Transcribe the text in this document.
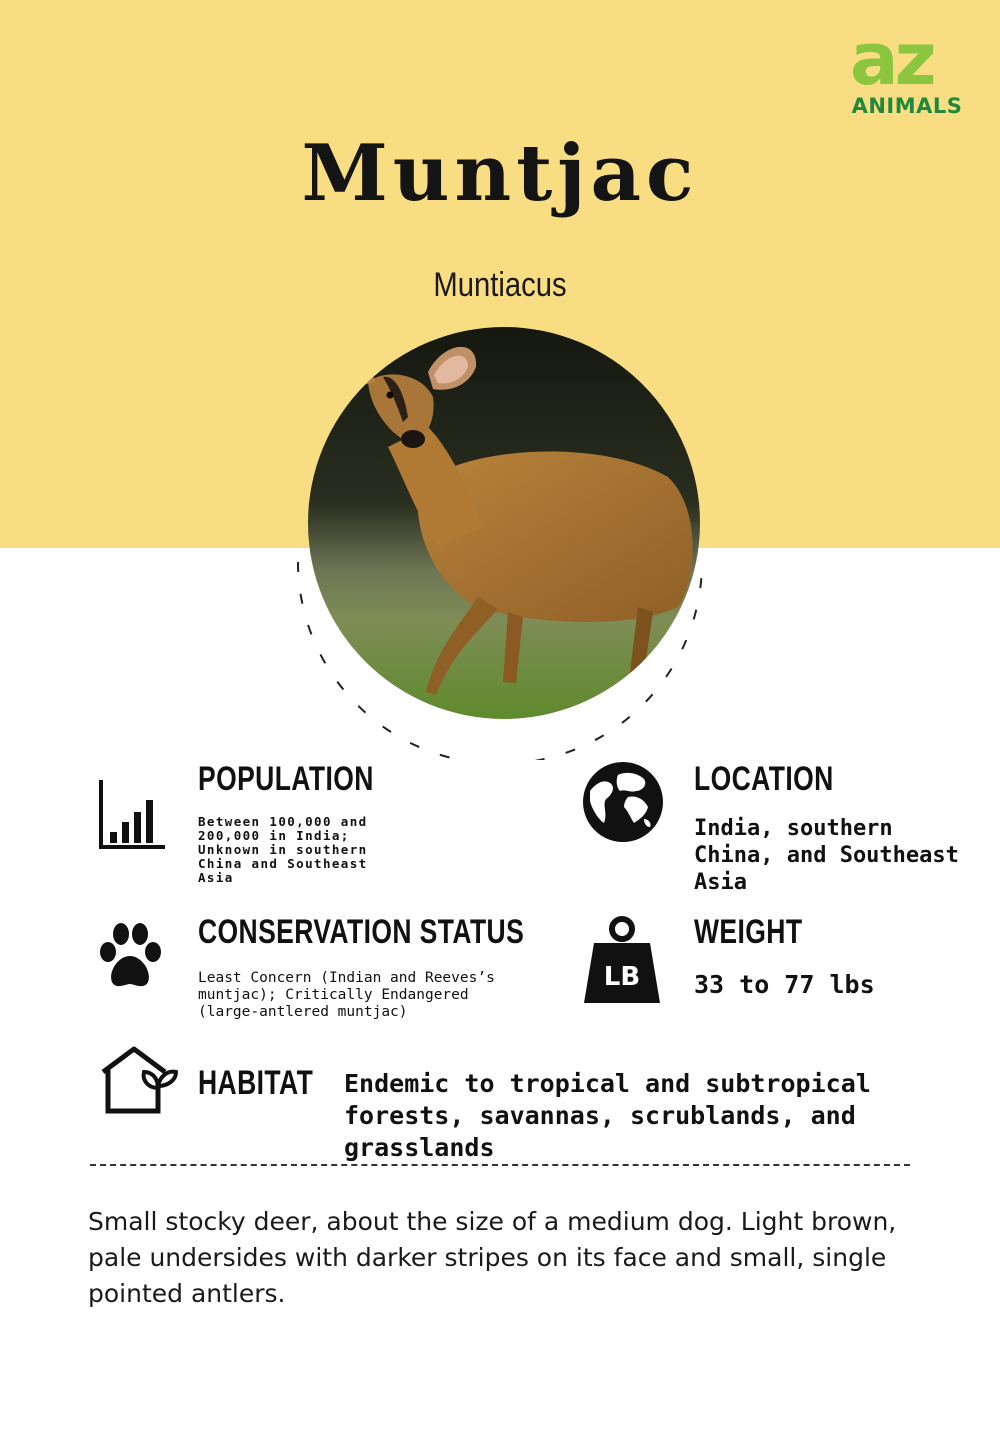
az
ANIMALS
Muntjac
Muntiacus
POPULATION
Between 100,000 and 200,000 in India; Unknown in southern China and Southeast Asia
LOCATION
India, southern China, and Southeast Asia
CONSERVATION STATUS
Least Concern (Indian and Reeves’s muntjac); Critically Endangered (large-antlered muntjac)
LB
WEIGHT
33 to 77 lbs
HABITAT Endemic to tropical and subtropical forests, savannas, scrublands, and grasslands
Small stocky deer, about the size of a medium dog. Light brown, pale undersides with darker stripes on its face and small, single pointed antlers.
